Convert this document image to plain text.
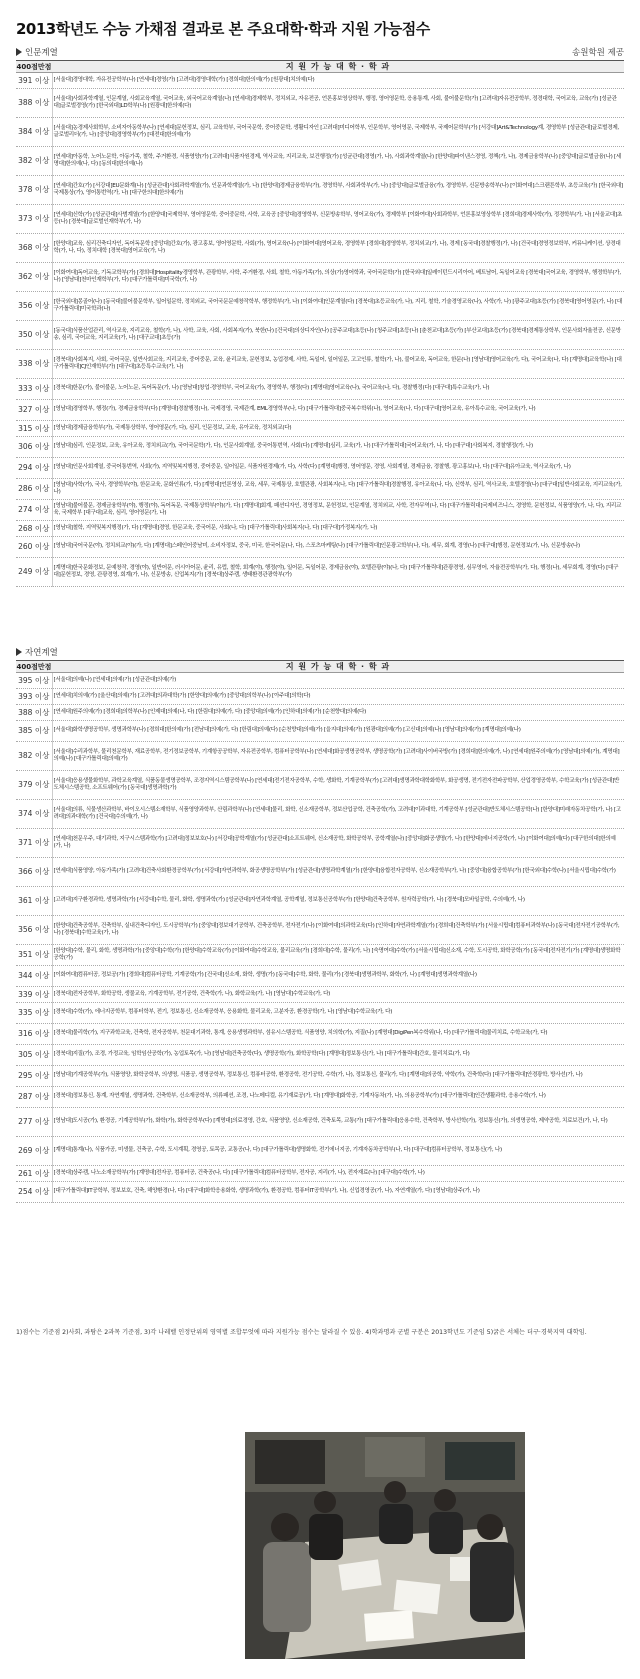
2013학년도 수능 가채점 결과로 본 주요대학·학과 지원 가능점수
인문계열	송원학원 제공
400점만점	지 원 가 능 대 학 · 학 과
391 이상	[서울대]경영대학, 자유전공학부(나) [연세대]경영(가) [고려대]경영대학(가) [경희대]한의예(가) [원광대]치의예(다)
388 이상	[서울대]사회과학계열, 인문계열, 사회교육계열, 국어교육, 외국어교육계열(나) [연세대]경제학부, 정치외교, 자유전공, 언론홍보영상학부, 행정, 영어영문학, 응용통계, 사회, 불어불문학(가) [고려대]자유전공학부, 정경대학, 국어교육, 교육(가) [성균관대]글로벌경영(가) [한국외대]LD학부(나) [원광대]한의예(다)
384 이상	[서울대]농경제사회학부, 소비자아동학부(나) [연세대]문헌정보, 심리, 교육학부, 국어국문학, 중어중문학, 생활디자인 [고려대]미디어학부, 인문학부, 영어영문, 국제학부, 국제어문학부(가) [서강대]Art&Technology계, 경영학부 [성균관대]글로벌경제, 글로벌리더(가, 나) [중앙대]경영학부(가) [대전대]한의예(가)
382 이상	[연세대]아동학, 노어노문학, 아동가족, 철학, 주거환경, 식품영양(가) [고려대]식품자원경제, 역사교육, 지리교육, 보건행정(가) [성균관대]경영(가, 나), 사회과학계열(나) [한양대]파이낸스경영, 정책(가, 나), 경제금융학부(나) [중앙대]글로벌금융(나) [세명대]한의예(나, 다) [동의대]한의예(나)
378 이상	[연세대]간호(가) [서강대]EU문화계(나) [성균관대]사회과학계열(가), 인문과학계열(가, 나) [한양대]경제금융학부(가), 경영학부, 사회과학부(가, 나) [중앙대]글로벌금융(가), 경영학부, 신문방송학부(나) [이화여대]스크랜튼학부, 초등교육(가) [한국외대]국제통상(가), 영어통번역(가, 나) [대구한의대]한의예(가)
373 이상	[연세대]신학(가) [성균관대]사범계열(가) [한양대]국제학부, 영어영문학, 중어중문학, 사학, 교육공 [중앙대]경영학부, 신문방송학부, 영어교육(가), 경제학부 [이화여대]사회과학부, 언론홍보영상학부 [경희대]경제사학(가), 정경학부(가, 나) [서울교대]초등(나) [경북대]글로벌인재학부(가, 나)
368 이상	[한양대]교육, 심리건축디자인, 독어독문학 [중앙대]간호(가), 광고홍보, 영어영문학, 사회(가), 영어교육(나) [이화여대]영어교육, 경영학부 [경희대]경영학부, 정치외교(가, 나), 경제 [동국대]경찰행정(가, 나) [건국대]경영정보학부, 커뮤니케이션, 상경대학(가, 나, 다), 정치대학 [경북대]영어교육(가, 나)
362 이상	[이화여대]독어교육, 기독교학부(가) [경희대]Hospitality경영학부, 관광학부, 사학, 주거환경, 사회, 철학, 아동가족(가), 의상(가)영어학과, 국어국문학(가) [한국외대]일레이턴드시리아어, 베트남어, 독일어교육 [경북대]국어교육, 경영학부, 행정학부(가, 나) [영남대]천마인재학부(가, 다) [대구가톨릭대]미국학(가, 나)
356 이상	[한국외대]몽골어(나) [동국대]불어불문학부, 일어일문학, 정치외교, 국어국문문예창작학부, 행정학부(가, 나) [이화여대]인문계열(다) [경북대]초등교육(가, 나), 지리, 철학, 기술경영교육(나), 사학(가, 나) [광주교대]초등(가) [경북대]영어영문(가, 나) [대구가톨릭대]미국학과(나)
350 이상	[동국대]식품산업관리, 역사교육, 지리교육, 철학(가, 나), 사학, 교육, 사회, 사회복지(가), 북한(나) [건국대]의상디자인(나) [공주교대]초등(나) [청주교대]초등(나) [춘천교대]초등(가) [부산교대]초등(가) [경북대]경제통상학부, 인문사회자율전공, 신문방송, 심리, 국어교육, 지리교육(가, 나) [대구교대]초등(가)
338 이상	[경북대]사회복지, 사회, 국어국문, 일반사회교육, 지리교육, 중어중문, 교육, 윤리교육, 문헌정보, 농업경제, 사학, 독일어, 일어일문, 고고인류, 철학(가, 나), 불어교육, 독어교육, 한문(나) [영남대]영어교육(가, 다), 국어교육(나, 다) [계명대]교육학(나) [대구가톨릭대]CJ인재학부(가) [대구대]초등특수교육(가, 나)
333 이상	[경북대]한문(가), 불어불문, 노어노문, 독어독문(가, 나) [영남대]창업·경영학부, 국어교육(가), 경영학부, 행정(다) [계명대]영어교육(나), 국어교육(나, 다), 경찰행정(다) [대구대]특수교육(가, 나)
327 이상	[영남대]경영학부, 행정(가), 경제금융학부(다) [계명대]경찰행정(나), 국제경영, 국제관계, EML경영학부(나, 다) [대구가톨릭대]중국복수학위(나), 영어교육(나, 다) [대구대]영어교육, 유아특수교육, 국어교육(가, 나)
315 이상	[영남대]경제금융학부(가), 국제통상학부, 영어영문(가, 다), 심리, 인문정보, 교육, 유아교육, 정치외교(다)
306 이상	[영남대]심리, 인문정보, 교육, 유아교육, 정치외교(가), 국어국문학(가, 다), 인문사회계열, 중국어통번역, 사회(다) [계명대]심리, 교육(가, 나) [대구가톨릭대]국어교육(가, 나, 다) [대구대]사회복지, 경찰행정(가, 나)
294 이상	[영남대]인문사회계열, 중국어통번역, 사회(가), 지역및복지행정, 중어중문, 일어일문, 식품자원경제(가, 다), 사학(다) [계명대]행정, 영어영문, 경영, 사회계열, 경제금융, 경찰행, 광고홍보(나, 다) [대구대]유아교육, 역사교육(가, 나)
286 이상	[영남대]사학(가), 국사, 경영학부(야), 한문교육, 문화인류(가, 다) [계명대]언론영상, 교육, 세무, 국제통상, 호텔관광, 사회복지(나, 다) [대구가톨릭대]경찰행정, 유아교육(나, 다), 신학부, 심리, 역사교육, 호텔경영(나) [대구대]일반사회교육, 지리교육(가, 나)
274 이상	[영남대]불어불문, 경제금융학부(야), 행정(야), 독어독문, 국제통상학부(야)(가, 다) [계명대]회계, 패션디자인, 경영정보, 문헌정보, 인문계열, 정치외교, 사학, 전자무역(나, 다) [대구가톨릭대]국제비즈니스, 경영학, 문헌정보, 식품영양(가, 나, 다), 지리교육, 국제학부 [대구대]교육, 심리, 영어영문(가, 나)
268 이상	[영남대]철학, 지역및복지행정(가, 다) [계명대]경영, 한문교육, 중국어문, 사회(나, 다) [대구가톨릭대]사회복지(나, 다) [대구대]가정복지(가, 나)
260 이상	[영남대]국어국문(야), 정치외교(야)(가, 다) [계명대]스페인어중남미, 소비자정보, 중국, 미국, 한국어문(나, 다), 스포츠마케팅(나) [대구가톨릭대]인문광고학부(나, 다), 세무, 회계, 경영(나) [대구대]행정, 문헌정보(가, 나), 신문방송(나)
249 이상	[계명대]한국문화정보, 문예창작, 경영(야), 일반어문, 러시아어문, 윤리, 유럽, 철학, 회계(야), 행정(야), 일어문, 독일어문, 경제금융(야), 호텔관광(야)(나, 다) [대구가톨릭대]관광경영, 심무영어, 자율전공학부(가, 다), 행정(나), 세무회계, 경영(다) [대구대]문헌정보, 경영, 관광경영, 회계(가, 나), 신문방송, 신업복지(가) [경북대]상주캠, 생태환경관광학부(가)
자연계열
400점만점	지 원 가 능 대 학 · 학 과
395 이상	[서울대]의예(나) [연세대]의예(가) [성균관대]의예(가)
393 이상	[연세대]치의예(가) [울산대]의예(가) [고려대]의과대학(가) [한양대]의예(가) [중앙대]의학부(나) [아주대]의학(다)
388 이상	[연세대]원주의예(가) [경희대]의학부(나) [인제대]의예(나, 다) [한림대]의예(가, 다) [중앙대]의예(가) [인하대]의예(가) [순천향대]의예(다)
385 이상	[서울대]화학생명공학부, 생명과학부(나) [경희대]한의예(가) [전남대]의예(가, 다) [한림대]의예(다) [순천향대]의예(가) [을지대]의예(가) [원광대]의예(가) [고신대]의예(나) [영남대]의예(가) [계명대]의예(나)
382 이상	[서울대]수리과학부, 물리천문학부, 재료공학부, 전기정보공학부, 기계항공공학부, 자유전공학부, 컴퓨터공학부(나) [연세대]화공생명공학부, 생명공학(가) [고려대]사이버국방(가) [경희대]한의예(가, 나) [연세대]원주의예(가) [영남대]의예(가), 계명대]의예(나) [대구가톨릭대]의예(가)
379 이상	[서울대]응용생물화학부, 과학교육계열, 식품동물생명공학부, 조경지역시스템공학부(나) [연세대]전기전자공학부, 수학, 생화학, 기계공학부(가) [고려대]생명과학대학화학부, 화공생명, 전기전자전파공학부, 산업경영공학부, 수학교육(가) [성균관대]반도체시스템공학, 소프트웨어(가) [동국대]생명과학(가)
374 이상	[서울대]의류, 식물생산과학부, 바이오시스템소재학부, 식품영양과학부, 산림과학부(나) [연세대]물리, 화학, 신소재공학부, 정보산업공학, 건축공학(가), 고려대]이과대학, 기계공학부 [성균관대]반도체시스템공학(나) [한양대]미래자동차공학(가, 나) [고려대]의과대학(가) [건국대]수의예(가, 나)
371 이상	[연세대]천문우주, 대기과학, 지구시스템과학(가) [고려대]정보보호(나) [서강대]공학계열(가) [성균관대]소프트웨어, 신소재공학, 화학공학부, 공학계열(나) [중앙대]화공생명(가, 나) [한양대]에너지공학(가, 나) [이화여대]의예(다) [대구한의대]한의예(가, 나)
366 이상	[연세대]식품영양, 아동가족(가) [고려대]건축사회환경공학부(가) [서강대]자연과학부, 화공생명공학부(가) [성균관대]생명과학계열(가) [한양대]융합전자공학부, 신소재공학부(가, 나) [중앙대]융합공학부(가) [한국외대]수학(나) [서울시립대]수학(가)
361 이상	[고려대]지구환경과학, 생명과학(가) [서강대]수학, 물리, 화학, 생명과학(가) [성균관대]자연과학계열, 공학계열, 정보통신공학부(가) [한양대]건축공학부, 원자력공학(가, 나) [경북대]모바일공학, 수의예(가, 나)
356 이상	[한양대]건축공학부, 건축학부, 실내건축디자인, 도시공학부(가) [중앙대]정보대기공학부, 건축공학부, 전자전기(나) [이화여대]의과학교육(다) [인하대]자연과학계열(가) [경희대]건축학부(가) [서울시립대]컴퓨터과학부(나) [동국대]전자전기공학부(가, 나) [경북대]수학교육(가, 나)
351 이상	[한양대]수학, 물리, 화학, 생명과학(가) [중앙대]수학(가) [한양대]수학교육(가) [이화여대]수학교육, 물리교육(가) [경희대]수학, 물리(가, 나) [숙명여대]수학(가) [서울시립대]신소재, 수학, 도시공학, 화학공학(가) [동국대]전자전기(가) [계명대]생명화학공학(가)
344 이상	[이화여대]컴퓨터공, 정보공(가) [경희대]컴퓨터공학, 기계공학(가) [건국대]신소재, 화학, 생명(가) [동국대]수학, 화학, 물리(가) [경북대]생명과학부, 화학(가, 나) [계명대]생명과학계열(나)
339 이상	[경북대]전자공학부, 화학공학, 생물교육, 기계공학부, 전기공학, 건축학(가, 나), 화학교육(가, 나) [영남대]수학교육(가, 다)
335 이상	[경북대]수학(가), 에너지공학부, 컴퓨터학부, 전기, 정보통신, 신소재공학부, 응용화학, 물리교육, 고분자공, 환경공학(가, 나) [영남대]수학교육(가, 다)
316 이상	[경북대]물리학(가), 지구과학교육, 건축학, 전자공학부, 천문대기과학, 통계, 응용생명과학부, 섬유시스템공학, 식품영양, 치의학(가), 지질(나) [계명대]DigiPen복수학위(나, 다) [대구가톨릭대]물리치료, 수학교육(가, 다)
305 이상	[경북대]지질(가), 조경, 가정교육, 임학임산공학(가), 농업토목(가, 나) [영남대]건축공학(다), 생명공학(가), 화학공학(다) [계명대]정보통신(가, 나) [대구가톨릭대]간호, 물리치료(가, 다)
295 이상	[영남대]기계공학부(가), 식품영양, 화학공학부, 의생명, 식품공, 생명공학부, 정보통신, 컴퓨터공학, 환경공학, 전기공학, 수학(가, 나), 정보통신, 물리(가, 다) [계명대]의공학, 약학(가), 건축학(다) [대구가톨릭대]안경광학, 방사선(가, 나)
287 이상	[경북대]정보통신, 통계, 자연계열, 생명과학, 건축학부, 신소재공학부, 의류패션, 조경, 나노메디컬, 유기재료공(가, 다) [계명대]화학공, 기계자동차(가, 나), 의용공학부(가) [대구가톨릭대]인간생활과학, 응용수학(가, 나)
277 이상	[영남대]도시공(가), 환경공, 기계공학부(가), 화학(가), 화학공학부(다) [계명대]의료경영, 간호, 식품영양, 신소재공학, 건축토목, 교통(가) [대구가톨릭대]응용수학, 건축학부, 방사선학(가), 정보통신(가), 의생명공학, 제약공학, 치료보건(가, 나, 다)
269 이상	[계명대]통계(나), 식품가공, 미생물, 건축공, 수학, 도시계획, 경영공, 토목공, 교통공(나, 다) [대구가톨릭대]생명화학, 전기에너지공, 기계자동차공학부(나, 다) [대구대]컴퓨터공학부, 정보통신(가, 나)
261 이상	[경북대]상주캠, 나노소재공학부(가) [계명대]전자공, 컴퓨터공, 건축공(나, 다) [대구가톨릭대]컴퓨터공학부, 전자공, 지리(가, 나), 전자재료(나) [대구대]수학(가, 나)
254 이상	[대구가톨릭대]IT공학부, 정보보호, 건축, 해양환경(나, 다) [대구대]화학응용화학, 생명과학(가), 환경공학, 컴퓨터IT공학부(가, 나), 신업경영공(가, 나), 자연계열(가, 다) [영남대]상주(가, 나)
1)점수는 기준점 2)사회, 과탐은 2과목 기준점, 3)각 나레벨 인정단위의 영역별 조합무엇에 따라 지원가능 점수는 달라질 수 있음. 4)학과명과 군별 구분은 2013학년도 기준임 5)굵은 서체는 더구·경북지역 대학임.
